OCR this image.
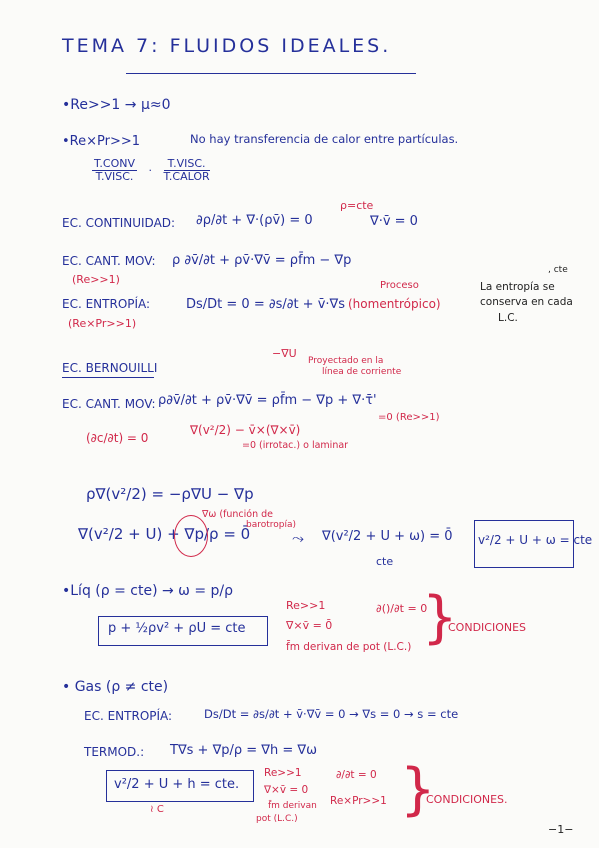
TEMA 7: FLUIDOS IDEALES.
•Re>>1 → μ≈0
•Re×Pr>>1	No hay transferencia de calor entre partículas.
$\frac{\text{T.CONV}}{\text{T.VISC.}} \cdot \frac{\text{T.VISC.}}{\text{T.CALOR}}$
EC. CONTINUIDAD: ∂ρ/∂t + ∇·(ρv̄) = 0
ρ=cte
∇·v̄ = 0
EC. CANT. MOV: ρ ∂v̄/∂t + ρv̄·∇v̄ = ρf̄m − ∇p
(Re>>1)
EC. ENTROPÍA:
(Re×Pr>>1)
Ds/Dt = 0 = ∂s/∂t + v̄·∇s
Proceso
(homentrópico)
La entropía se
conserva en cada
L.C.
, cte
EC. BERNOUILLI
−∇U
Proyectado en la
línea de corriente
EC. CANT. MOV: ρ∂v̄/∂t + ρv̄·∇v̄ = ρf̄m − ∇p + ∇·τ̄'
=0 (Re>>1)
(∂c/∂t) = 0
∇(v²/2) − v̄×(∇×v̄)
=0 (irrotac.) o laminar
ρ∇(v²/2) = −ρ∇U − ∇p
∇(v²/2 + U) + ∇p/ρ = 0̄
∇ω (función de
barotropía)
⤳ ∇(v²/2 + U + ω) = 0̄
cte
v²/2 + U + ω = cte
•Líq (ρ = cte) → ω = p/ρ
p + ½ρv² + ρU = cte
Re>>1
∇×v̄ = 0̄
f̄m derivan de pot (L.C.)
∂()/∂t = 0
}
CONDICIONES
• Gas (ρ ≠ cte)
EC. ENTROPÍA:	Ds/Dt = ∂s/∂t + v̄·∇v̄ = 0 → ∇s = 0 → s = cte
TERMOD.: T∇s + ∇p/ρ = ∇h = ∇ω
v²/2 + U + h = cte.
≀ C
Re>>1
∇×v̄ = 0
f̄m derivan
pot (L.C.)
∂/∂t = 0
Re×Pr>>1 }
CONDICIONES.
−1−
